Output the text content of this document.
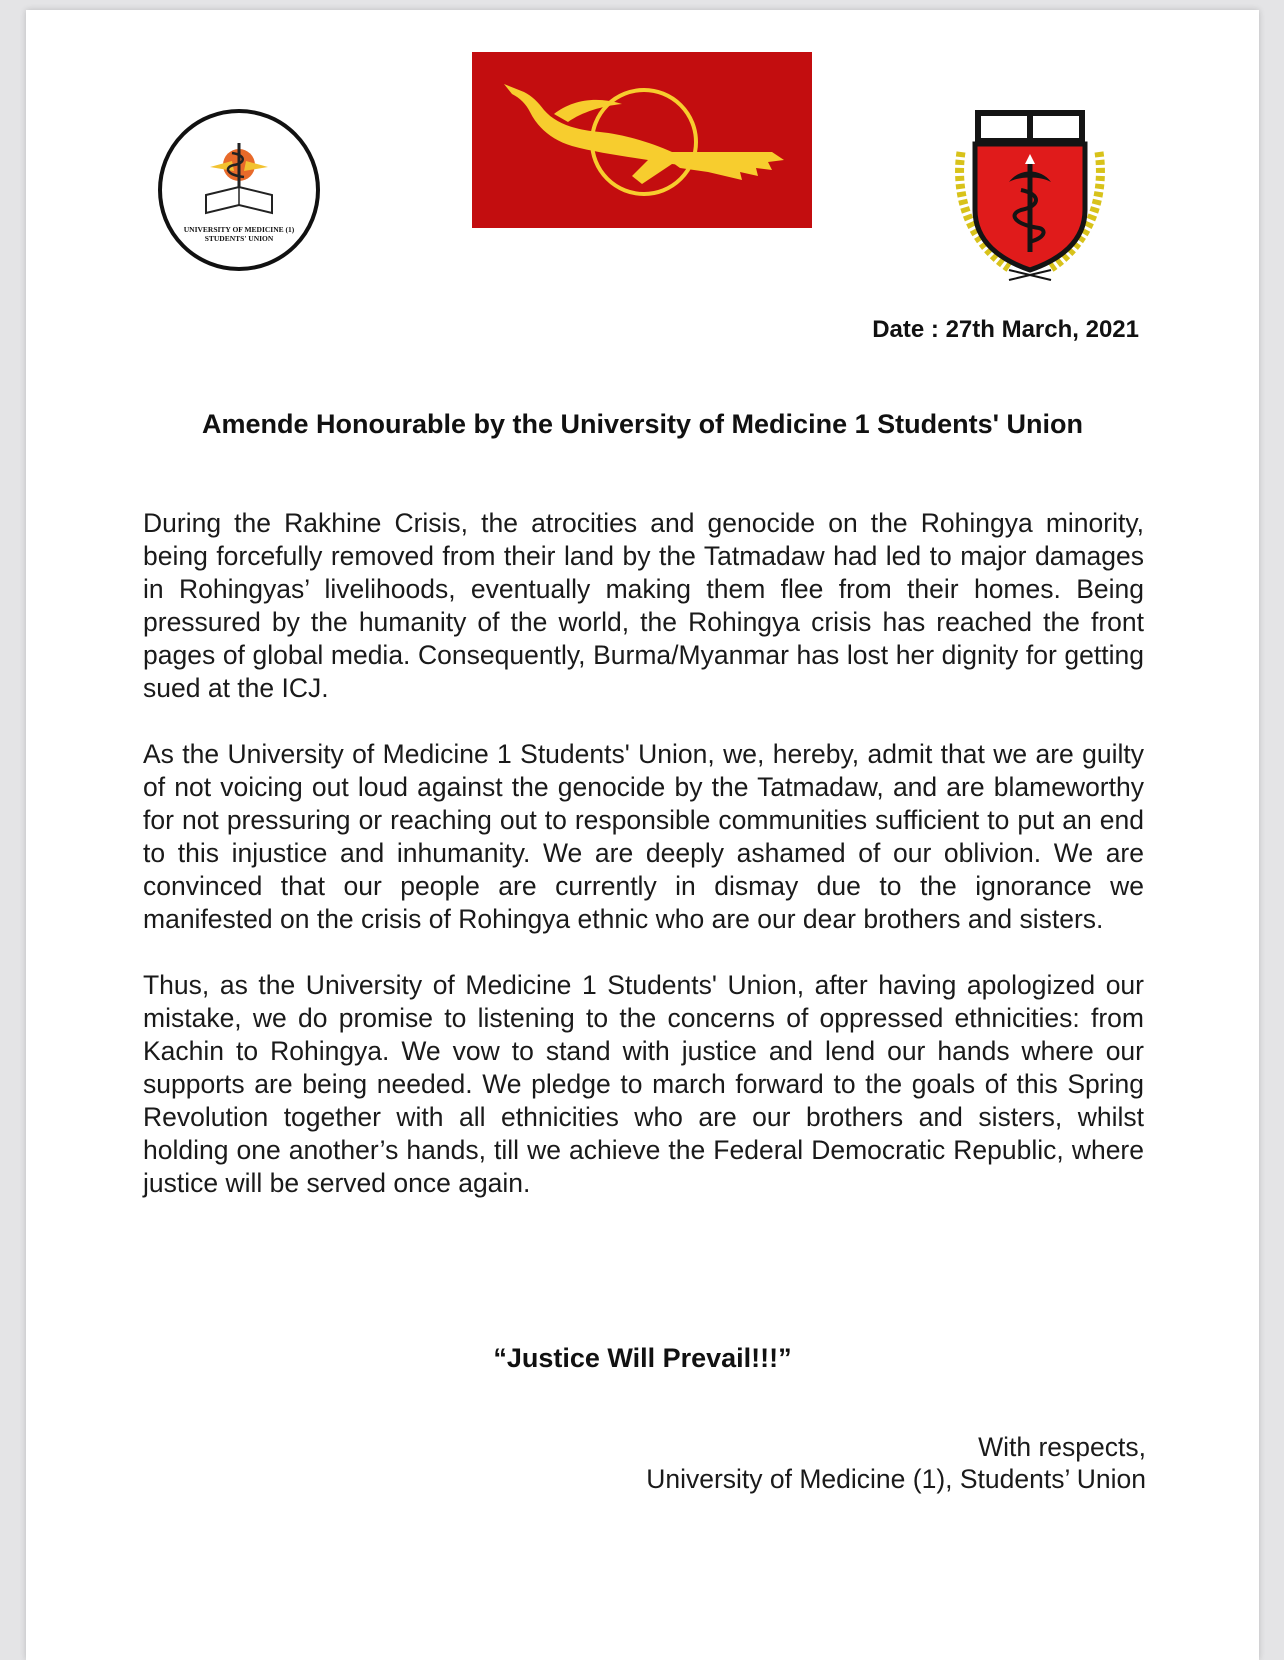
UNIVERSITY OF MEDICINE (1)
STUDENTS' UNION
Date : 27th March, 2021
Amende Honourable by the University of Medicine 1 Students' Union

During the Rakhine Crisis, the atrocities and genocide on the Rohingya minority, being forcefully removed from their land by the Tatmadaw had led to major damages in Rohingyas’ livelihoods, eventually making them flee from their homes. Being pressured by the humanity of the world, the Rohingya crisis has reached the front pages of global media. Consequently, Burma/Myanmar has lost her dignity for getting sued at the ICJ.

As the University of Medicine 1 Students' Union, we, hereby, admit that we are guilty of not voicing out loud against the genocide by the Tatmadaw, and are blameworthy for not pressuring or reaching out to responsible communities sufficient to put an end to this injustice and inhumanity. We are deeply ashamed of our oblivion. We are convinced that our people are currently in dismay due to the ignorance we manifested on the crisis of Rohingya ethnic who are our dear brothers and sisters.

Thus, as the University of Medicine 1 Students' Union, after having apologized our mistake, we do promise to listening to the concerns of oppressed ethnicities: from Kachin to Rohingya. We vow to stand with justice and lend our hands where our supports are being needed. We pledge to march forward to the goals of this Spring Revolution together with all ethnicities who are our brothers and sisters, whilst holding one another’s hands, till we achieve the Federal Democratic Republic, where justice will be served once again.

“Justice Will Prevail!!!”
With respects,
University of Medicine (1), Students’ Union
